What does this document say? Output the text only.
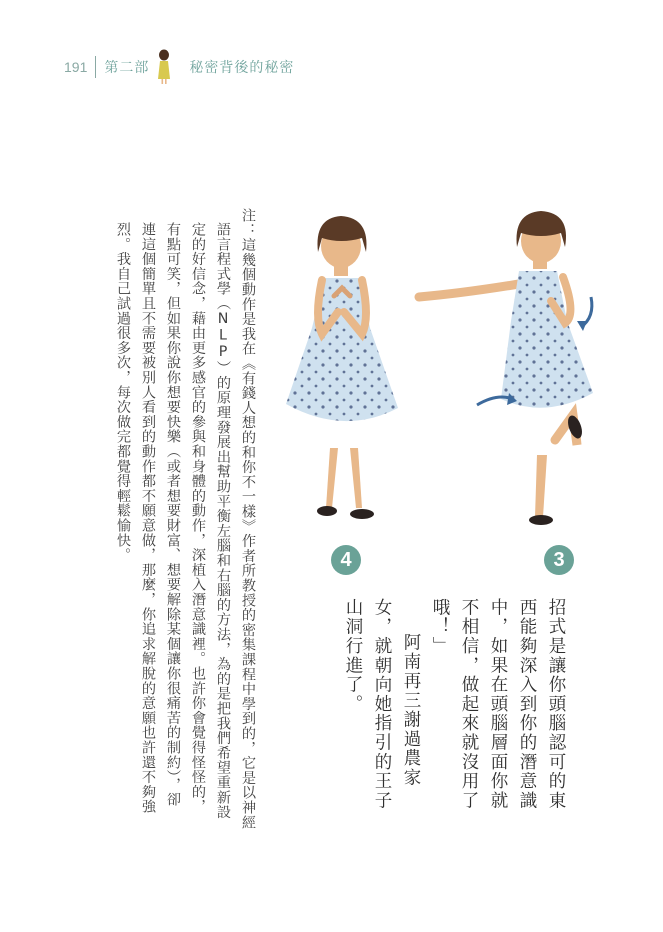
191 第二部	秘密背後的秘密

注：這幾個動作是我在《有錢人想的和你不一樣》作者所教授的密集課程中學到的，它是以神經

語言程式學（NLP）的原理發展出幫助平衡左腦和右腦的方法，為的是把我們希望重新設

定的好信念，藉由更多感官的參與和身體的動作，深植入潛意識裡。也許你會覺得怪怪的，

有點可笑，但如果你說你想要快樂（或者想要財富、想要解除某個讓你很痛苦的制約），卻

連這個簡單且不需要被別人看到的動作都不願意做，那麼，你追求解脫的意願也許還不夠強

烈。我自己試過很多次，每次做完都覺得輕鬆愉快。	4	3

招式是讓你頭腦認可的東

西能夠深入到你的潛意識

中，如果在頭腦層面你就

不相信，做起來就沒用了

哦！」

阿南再三謝過農家

女，就朝向她指引的王子

山洞行進了。
